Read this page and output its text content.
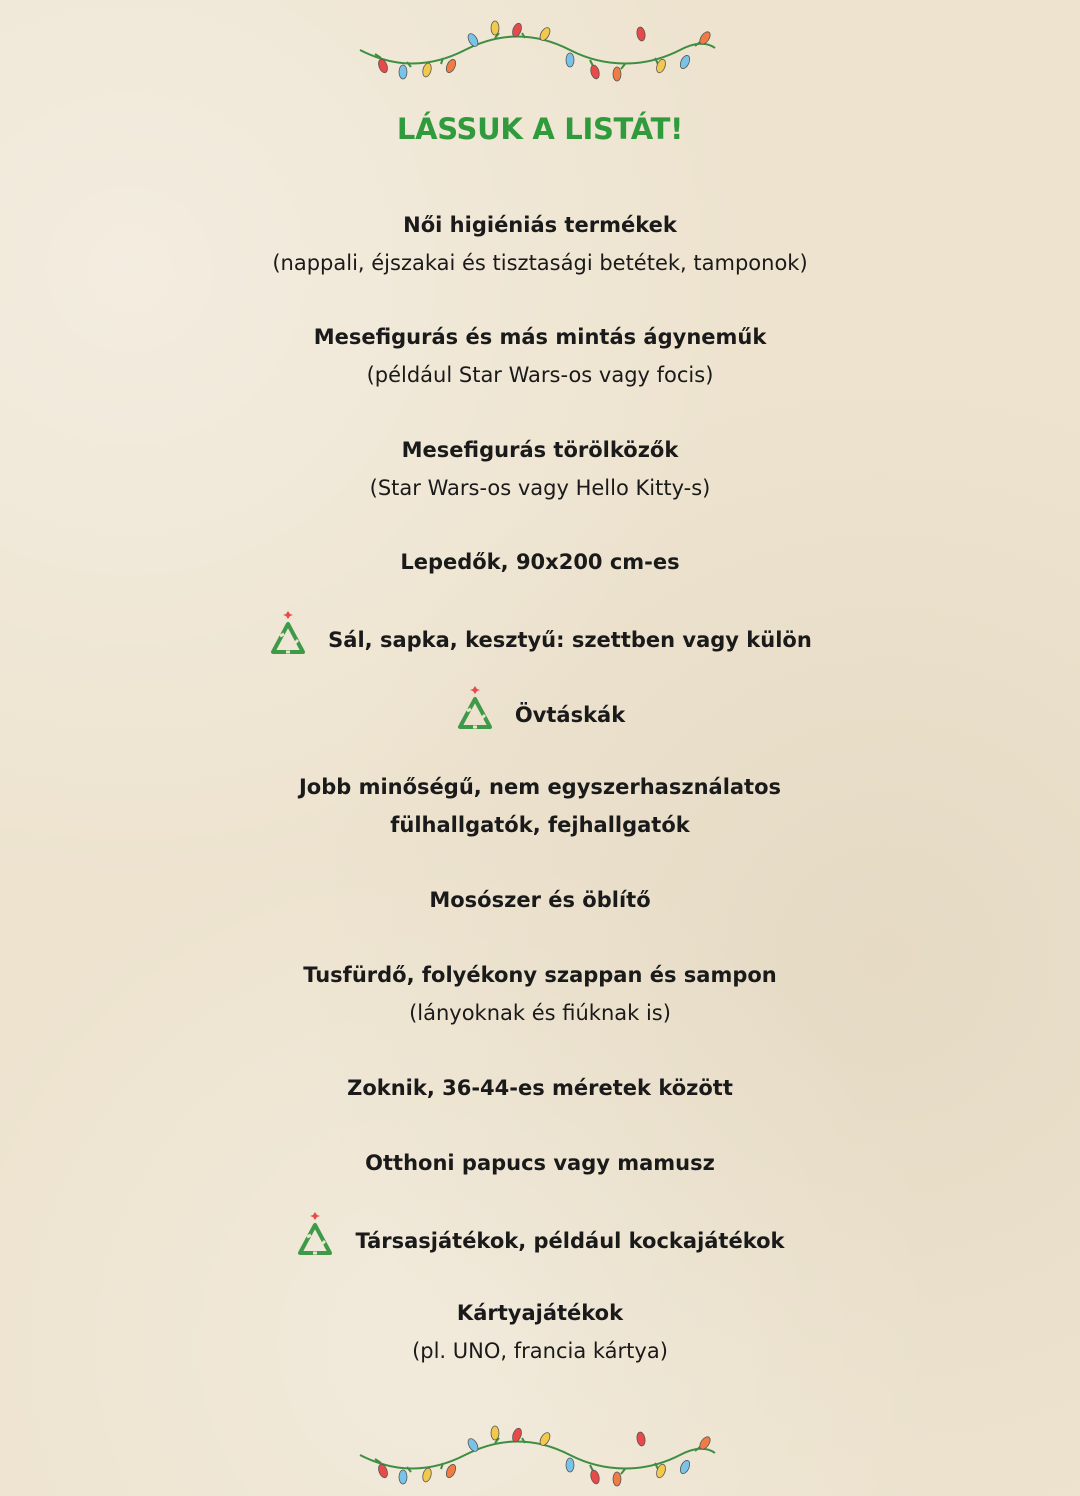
LÁSSUK A LISTÁT!
Női higiéniás termékek
(nappali, éjszakai és tisztasági betétek, tamponok)
Mesefigurás és más mintás ágyneműk
(például Star Wars-os vagy focis)
Mesefigurás törölközők
(Star Wars-os vagy Hello Kitty-s)
Lepedők, 90x200 cm-es
Sál, sapka, kesztyű: szettben vagy külön
Övtáskák
Jobb minőségű, nem egyszerhasználatos
fülhallgatók, fejhallgatók
Mosószer és öblítő
Tusfürdő, folyékony szappan és sampon
(lányoknak és fiúknak is)
Zoknik, 36-44-es méretek között
Otthoni papucs vagy mamusz
Társasjátékok, például kockajátékok
Kártyajátékok
(pl. UNO, francia kártya)
